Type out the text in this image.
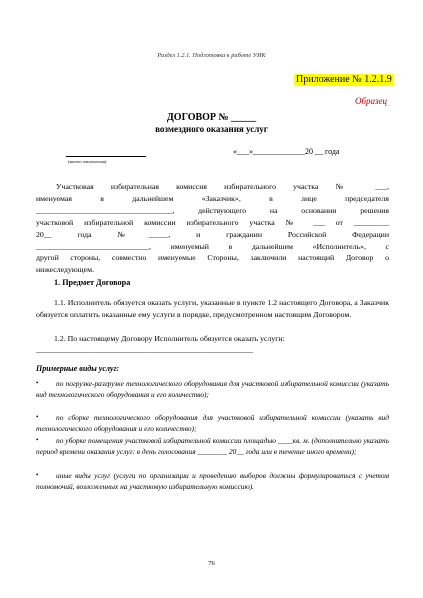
Раздел 1.2.1. Подготовка к работе УИК
Приложение № 1.2.1.9
Образец
ДОГОВОР № _____
возмездного оказания услуг
(место заключения)
«___»_____________20 __ года
Участковая избирательная комиссия избирательного участка № ___,
именуемая в дальнейшем «Заказчик», в лице председателя
___________________________________, действующего на основании решения
участковой избирательной комиссии избирательного участка № ___ от _________
20__ года №_____, и гражданин Российской Федерации
_____________________________, именуемый в дальнейшем «Исполнитель», с
другой стороны, совместно именуемые Стороны, заключили настоящий Договор о
нижеследующем.
1. Предмет Договора
1.1. Исполнитель обязуется оказать услуги, указанные в пункте 1.2 настоящего Договора, а Заказчик обязуется оплатить оказанные ему услуги в порядке, предусмотренном настоящим Договором.
1.2. По настоящему Договору Исполнитель обязуется оказать услуги:
______________________________________________________________
Примерные виды услуг:
•	по погрузке-разгрузке технологического оборудования для участковой избирательной комиссии (указать вид технологического оборудования и его количество);
•	по сборке технологического оборудования для участковой избирательной комиссии (указать вид технологического оборудования и его количество);
•	по уборке помещения участковой избирательной комиссии площадью ____кв. м. (дополнительно указать период времени оказания услуг: в день голосования ________ 20__ года или в течение иного времени);
•	иные виды услуг (услуги по организации и проведению выборов должны формулироваться с учетом полномочий, возложенных на участковую избирательную комиссию).
76
